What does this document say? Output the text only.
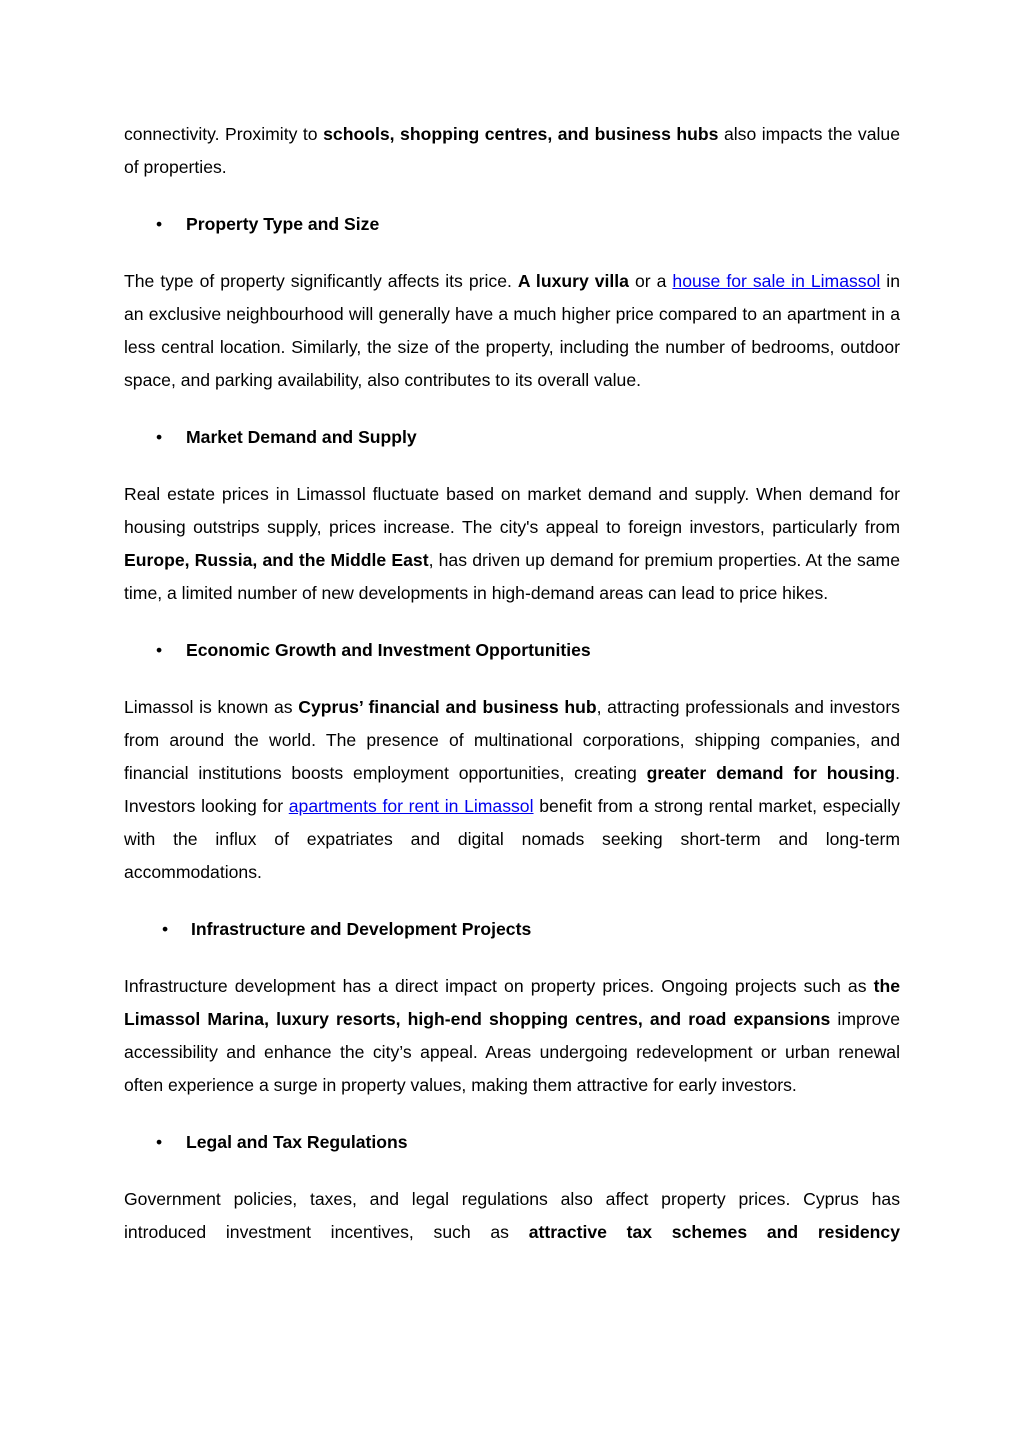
connectivity. Proximity to schools, shopping centres, and business hubs also impacts the value of properties.

• Property Type and Size

The type of property significantly affects its price. A luxury villa or a house for sale in Limassol in an exclusive neighbourhood will generally have a much higher price compared to an apartment in a less central location. Similarly, the size of the property, including the number of bedrooms, outdoor space, and parking availability, also contributes to its overall value.

• Market Demand and Supply

Real estate prices in Limassol fluctuate based on market demand and supply. When demand for housing outstrips supply, prices increase. The city's appeal to foreign investors, particularly from Europe, Russia, and the Middle East, has driven up demand for premium properties. At the same time, a limited number of new developments in high-demand areas can lead to price hikes.

• Economic Growth and Investment Opportunities

Limassol is known as Cyprus’ financial and business hub, attracting professionals and investors from around the world. The presence of multinational corporations, shipping companies, and financial institutions boosts employment opportunities, creating greater demand for housing. Investors looking for apartments for rent in Limassol benefit from a strong rental market, especially with the influx of expatriates and digital nomads seeking short-term and long-term accommodations.

• Infrastructure and Development Projects

Infrastructure development has a direct impact on property prices. Ongoing projects such as the Limassol Marina, luxury resorts, high-end shopping centres, and road expansions improve accessibility and enhance the city’s appeal. Areas undergoing redevelopment or urban renewal often experience a surge in property values, making them attractive for early investors.

• Legal and Tax Regulations

Government policies, taxes, and legal regulations also affect property prices. Cyprus has introduced investment incentives, such as attractive tax schemes and residency
